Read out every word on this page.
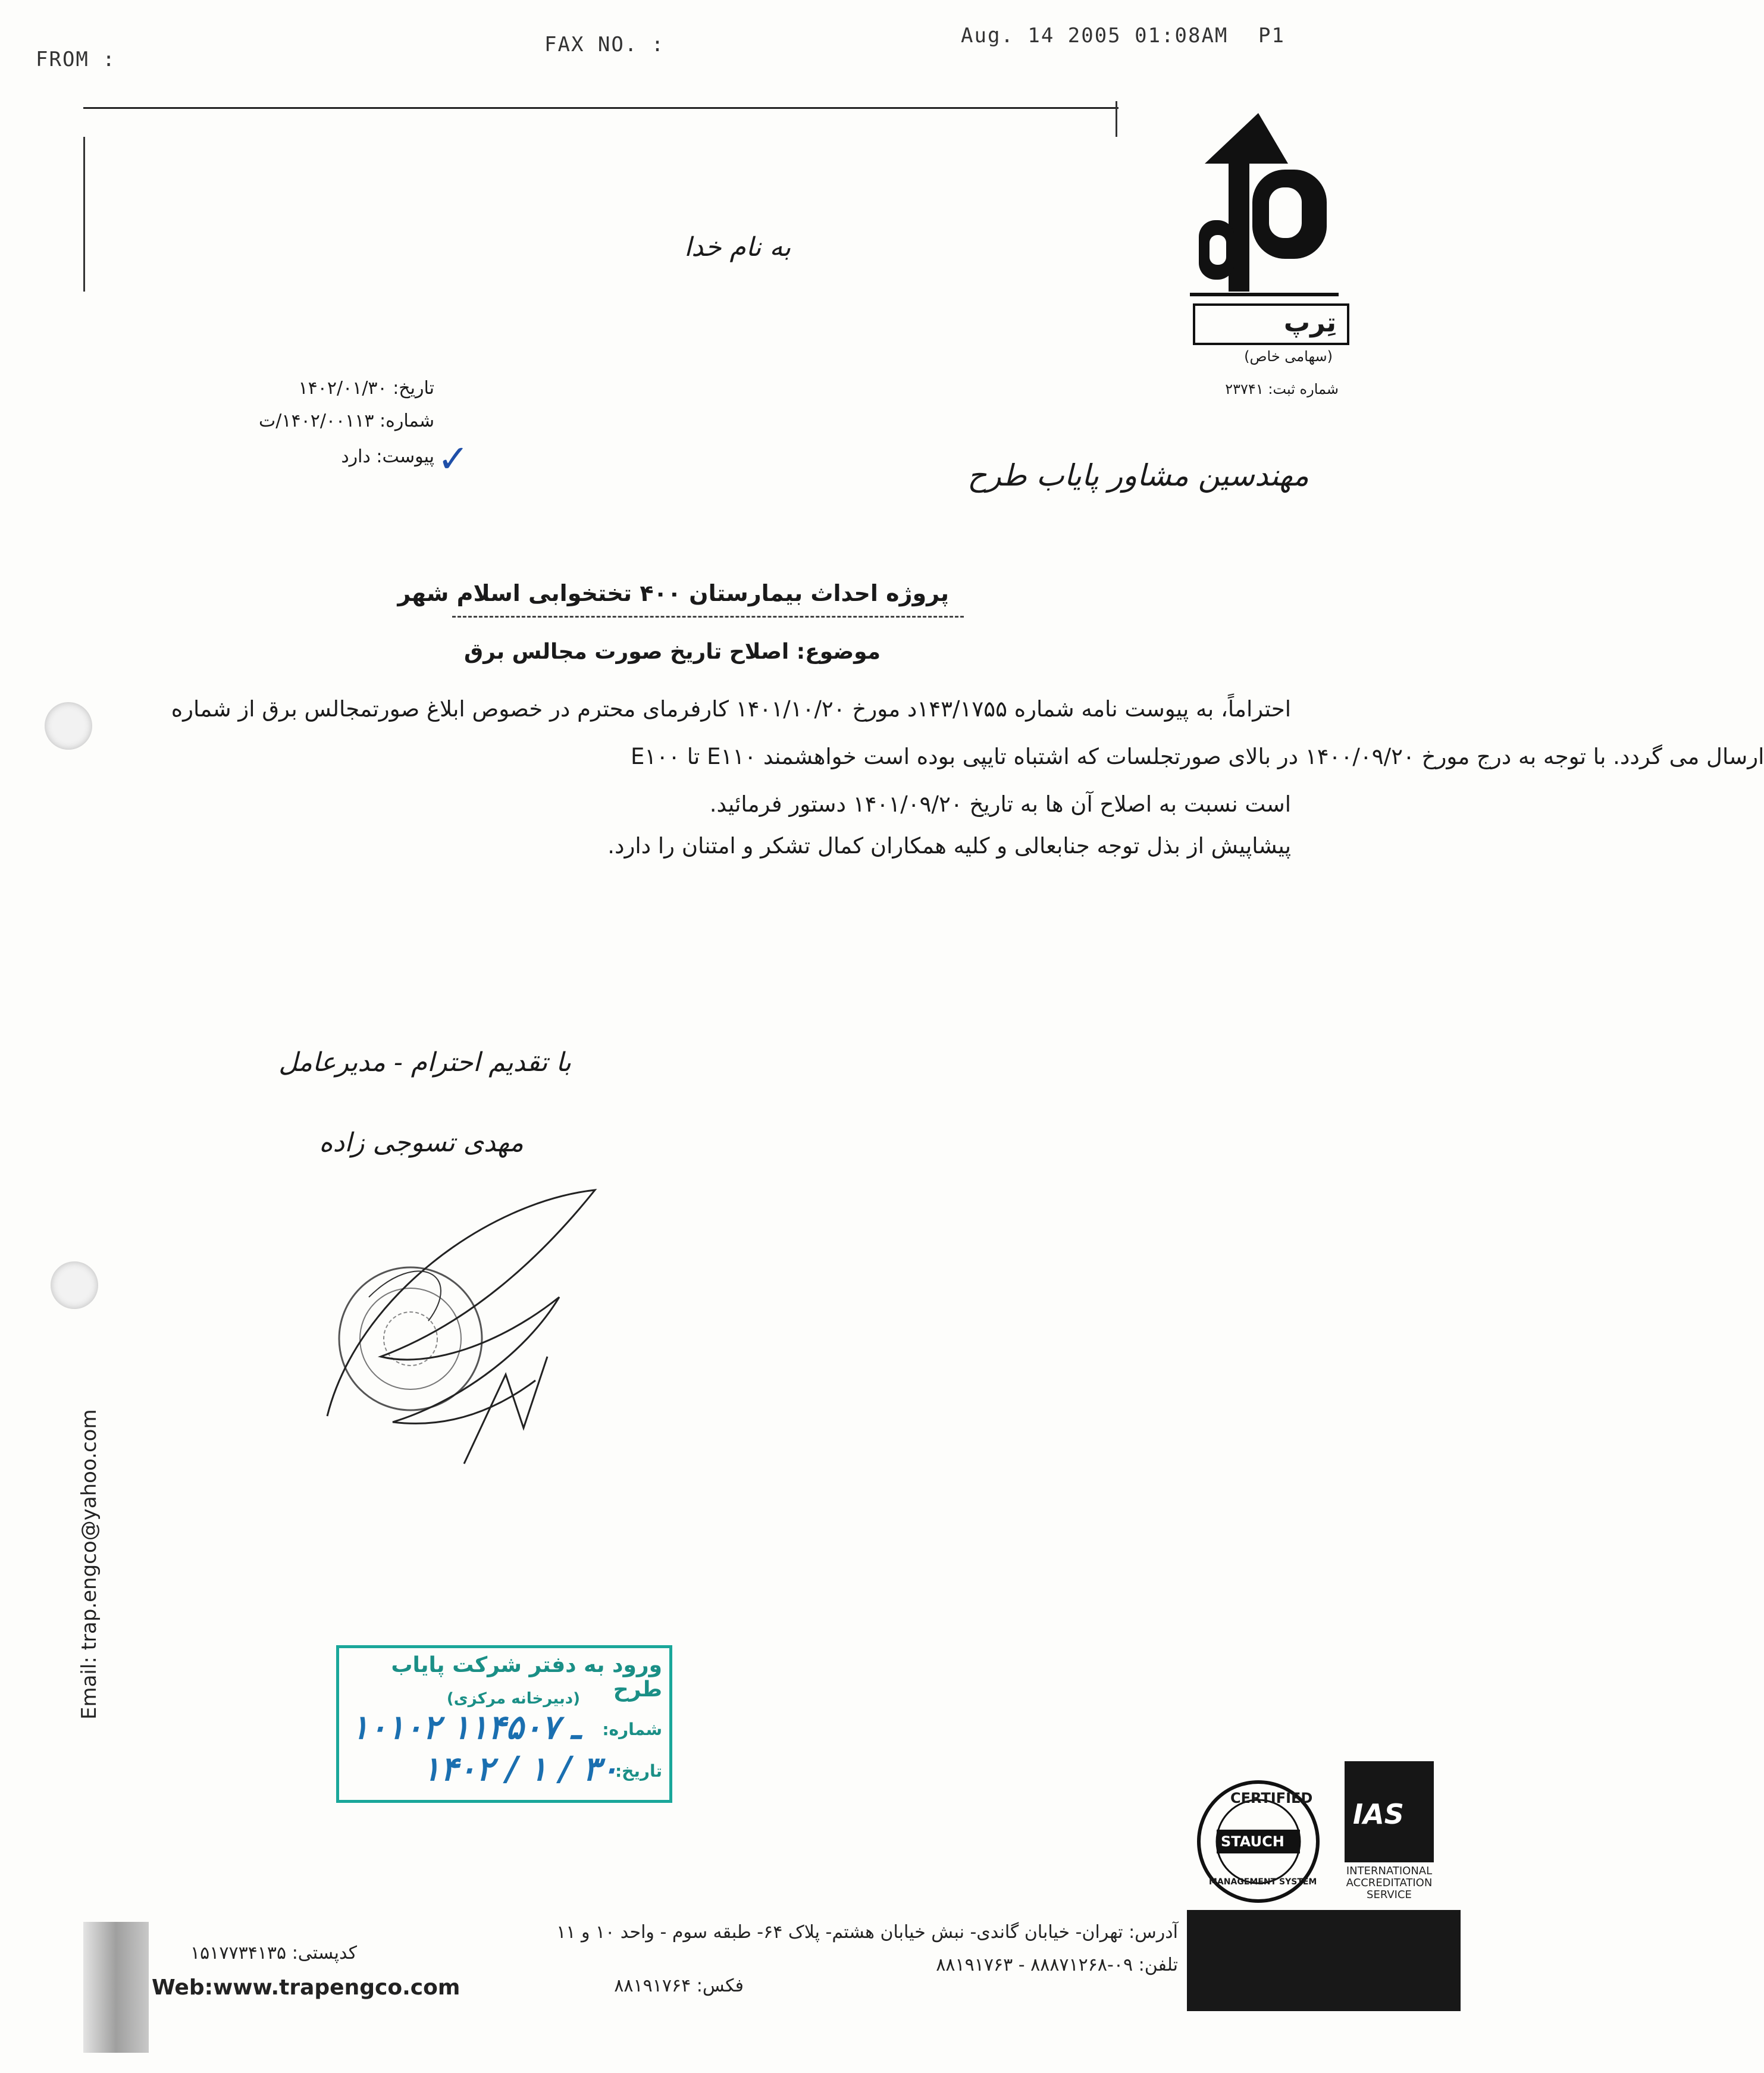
FROM :
FAX NO. :	Aug. 14 2005 01:08AM P1
تِرپ
(سهامی خاص)
شماره ثبت: ۲۳۷۴۱
به نام خدا
تاریخ: ۱۴۰۲/۰۱/۳۰
شماره: ۱۴۰۲/۰۰۱۱۳/ت
پیوست: دارد ✓	مهندسین مشاور پایاب طرح
پروژه احداث بیمارستان ۴۰۰ تختخوابی اسلام شهر
موضوع: اصلاح تاریخ صورت مجالس برق
احتراماً، به پیوست نامه شماره ۱۴۳/۱۷۵۵د مورخ ۱۴۰۱/۱۰/۲۰ کارفرمای محترم در خصوص ابلاغ صورتمجالس برق از شماره
E۱۰۰ تا E۱۱۰ ارسال می گردد. با توجه به درج مورخ ۱۴۰۰/۰۹/۲۰ در بالای صورتجلسات که اشتباه تایپی بوده است خواهشمند
است نسبت به اصلاح آن ها به تاریخ ۱۴۰۱/۰۹/۲۰ دستور فرمائید.
پیشاپیش از بذل توجه جنابعالی و کلیه همکاران کمال تشکر و امتنان را دارد.
با تقدیم احترام - مدیرعامل
مهدی تسوجی زاده
ورود به دفتر شرکت پایاب طرح
(دبیرخانه مرکزی)
شماره:
۱۰۱۰۲ ـ ۱۱۴۵۰۷
تاریخ:
۱۴۰۲ / ۱ / ۳۰
Email: trap.engco@yahoo.com
CERTIFIED
STAUCH
MANAGEMENT SYSTEM
IAS
INTERNATIONAL
ACCREDITATION
SERVICE
کدپستی: ۱۵۱۷۷۳۴۱۳۵
Web:www.trapengco.com
آدرس: تهران- خیابان گاندی- نبش خیابان هشتم- پلاک ۶۴- طبقه سوم - واحد ۱۰ و ۱۱
تلفن: ۰۹-۸۸۸۷۱۲۶۸ - ۸۸۱۹۱۷۶۳
فکس: ۸۸۱۹۱۷۶۴
